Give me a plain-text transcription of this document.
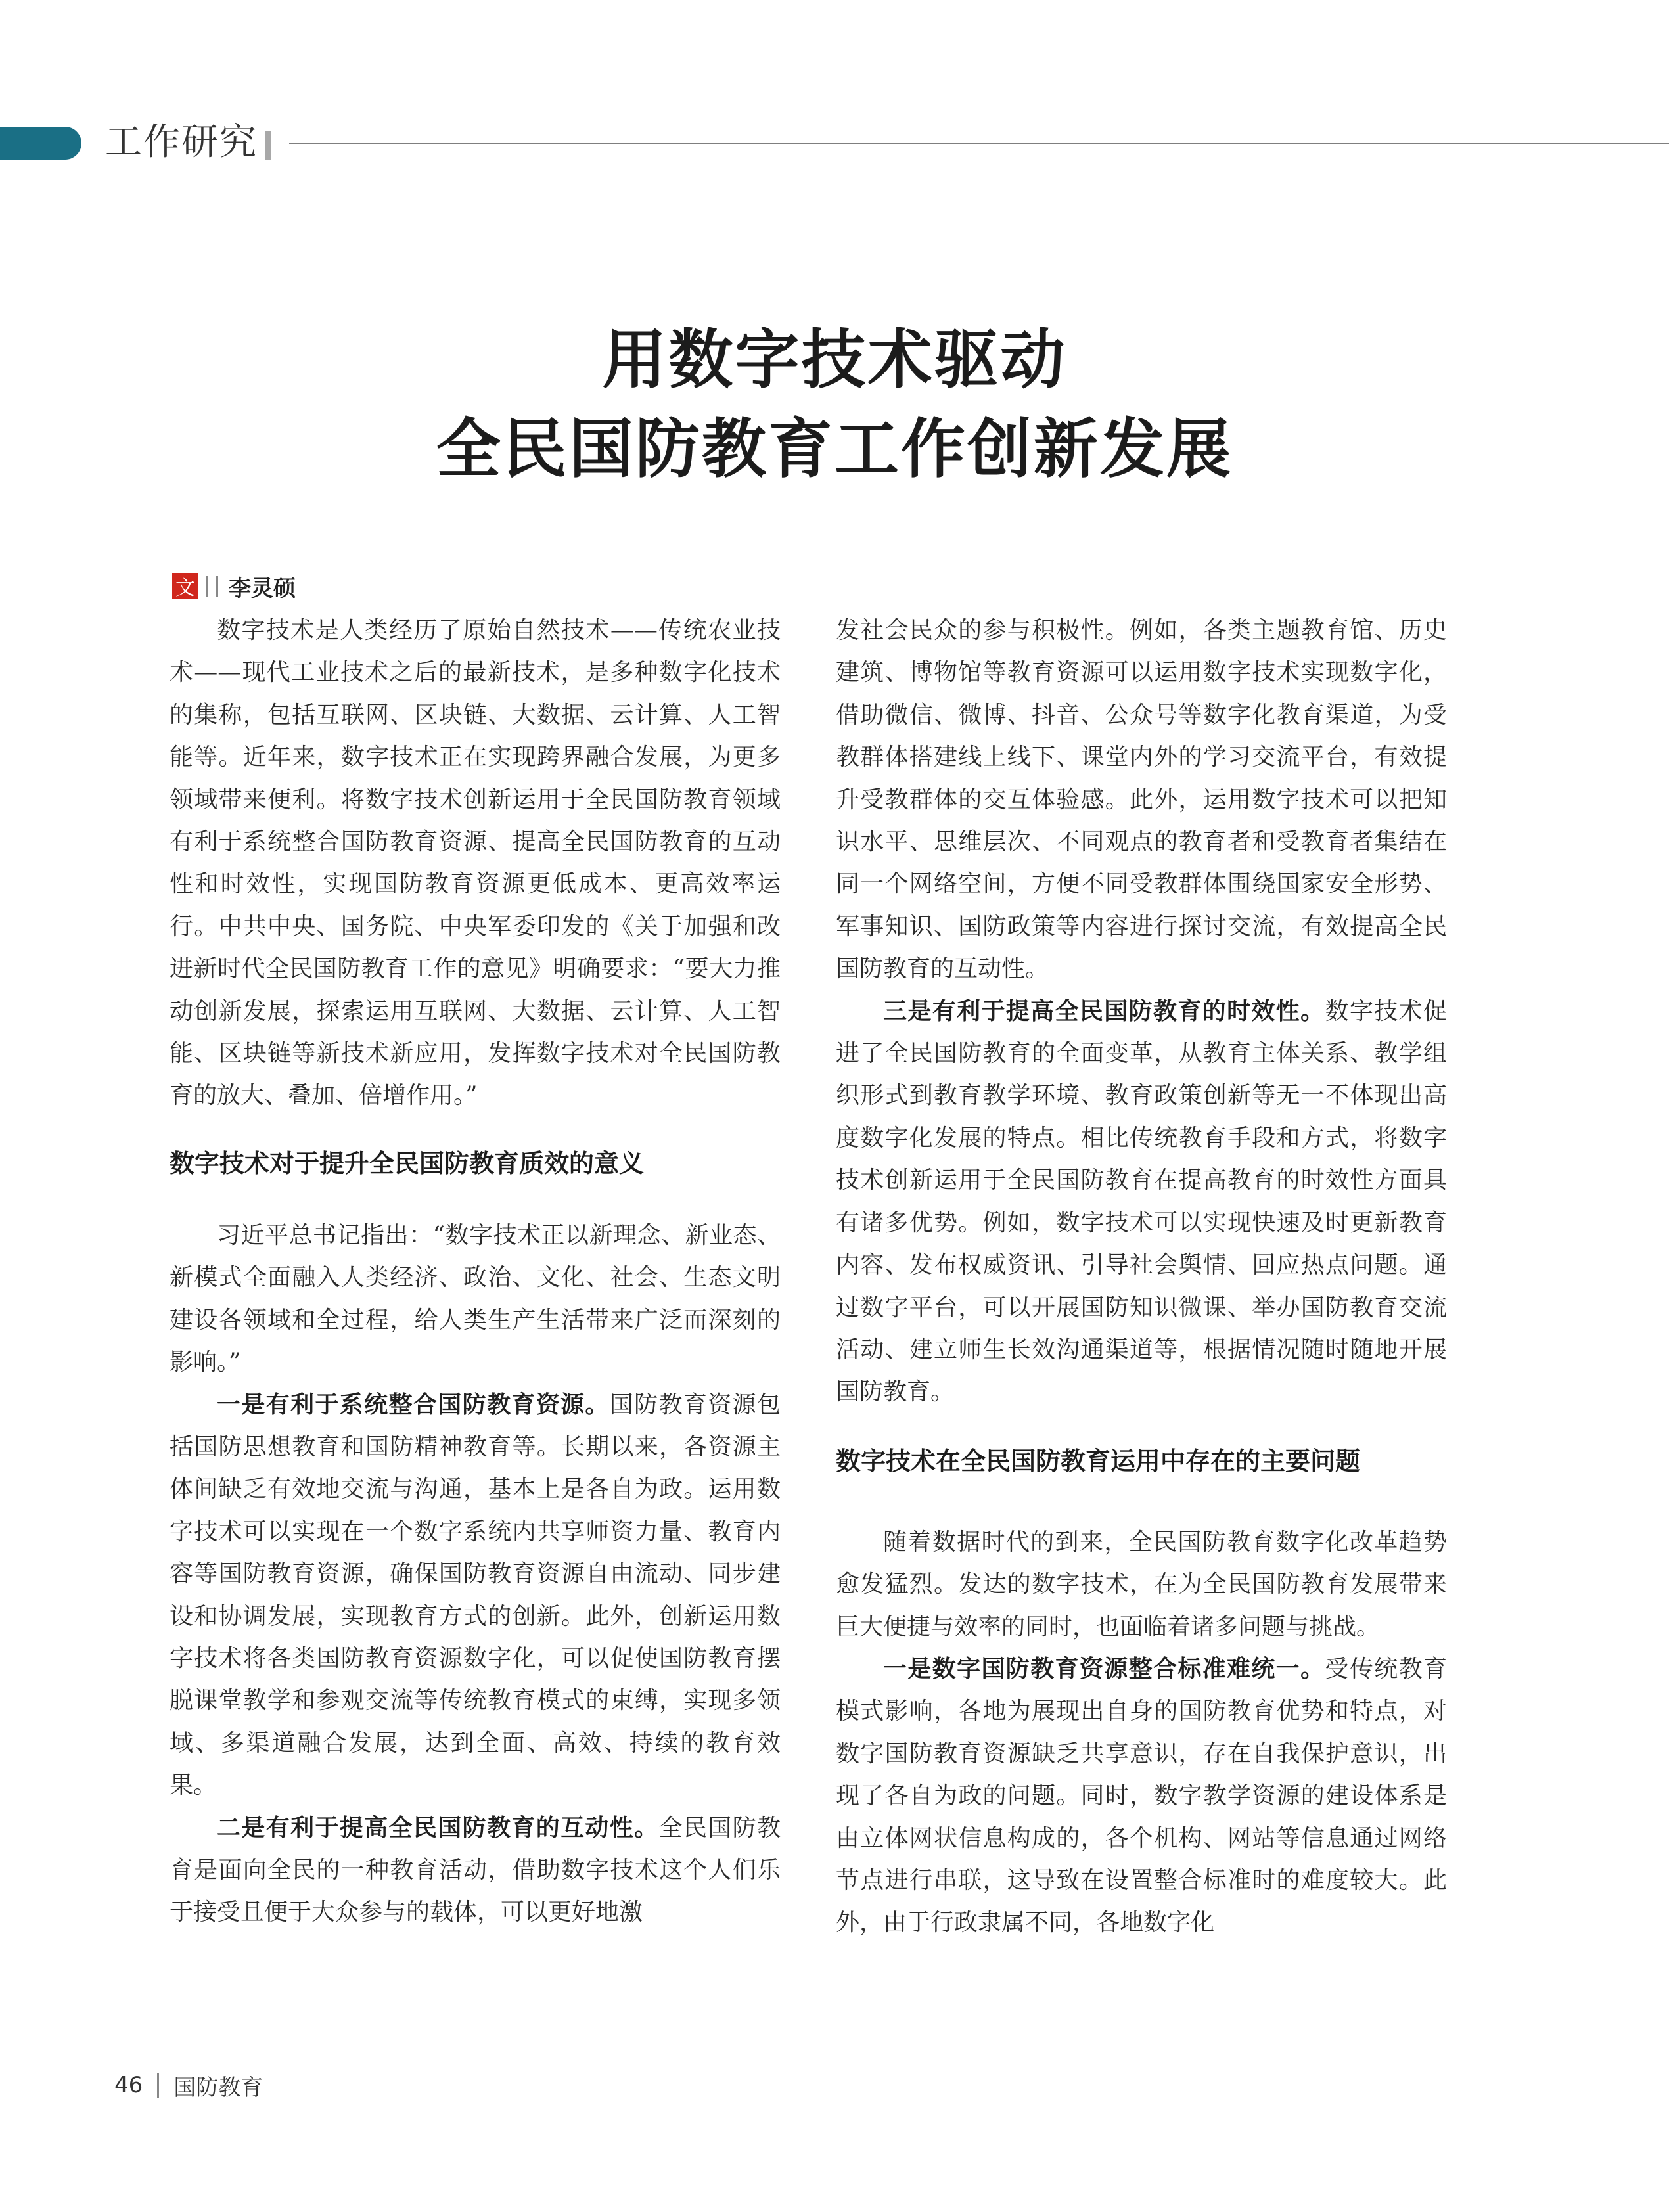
工作研究
用数字技术驱动
全民国防教育工作创新发展
文 李灵硕

数字技术是人类经历了原始自然技术——传统农业技术——现代工业技术之后的最新技术，是多种数字化技术的集称，包括互联网、区块链、大数据、云计算、人工智能等。近年来，数字技术正在实现跨界融合发展，为更多领域带来便利。将数字技术创新运用于全民国防教育领域有利于系统整合国防教育资源、提高全民国防教育的互动性和时效性，实现国防教育资源更低成本、更高效率运行。中共中央、国务院、中央军委印发的《关于加强和改进新时代全民国防教育工作的意见》明确要求：“要大力推动创新发展，探索运用互联网、大数据、云计算、人工智能、区块链等新技术新应用，发挥数字技术对全民国防教育的放大、叠加、倍增作用。”

数字技术对于提升全民国防教育质效的意义

习近平总书记指出：“数字技术正以新理念、新业态、新模式全面融入人类经济、政治、文化、社会、生态文明建设各领域和全过程，给人类生产生活带来广泛而深刻的影响。”

一是有利于系统整合国防教育资源。国防教育资源包括国防思想教育和国防精神教育等。长期以来，各资源主体间缺乏有效地交流与沟通，基本上是各自为政。运用数字技术可以实现在一个数字系统内共享师资力量、教育内容等国防教育资源，确保国防教育资源自由流动、同步建设和协调发展，实现教育方式的创新。此外，创新运用数字技术将各类国防教育资源数字化，可以促使国防教育摆脱课堂教学和参观交流等传统教育模式的束缚，实现多领域、多渠道融合发展，达到全面、高效、持续的教育效果。

二是有利于提高全民国防教育的互动性。全民国防教育是面向全民的一种教育活动，借助数字技术这个人们乐于接受且便于大众参与的载体，可以更好地激

发社会民众的参与积极性。例如，各类主题教育馆、历史建筑、博物馆等教育资源可以运用数字技术实现数字化，借助微信、微博、抖音、公众号等数字化教育渠道，为受教群体搭建线上线下、课堂内外的学习交流平台，有效提升受教群体的交互体验感。此外，运用数字技术可以把知识水平、思维层次、不同观点的教育者和受教育者集结在同一个网络空间，方便不同受教群体围绕国家安全形势、军事知识、国防政策等内容进行探讨交流，有效提高全民国防教育的互动性。

三是有利于提高全民国防教育的时效性。数字技术促进了全民国防教育的全面变革，从教育主体关系、教学组织形式到教育教学环境、教育政策创新等无一不体现出高度数字化发展的特点。相比传统教育手段和方式，将数字技术创新运用于全民国防教育在提高教育的时效性方面具有诸多优势。例如，数字技术可以实现快速及时更新教育内容、发布权威资讯、引导社会舆情、回应热点问题。通过数字平台，可以开展国防知识微课、举办国防教育交流活动、建立师生长效沟通渠道等，根据情况随时随地开展国防教育。

数字技术在全民国防教育运用中存在的主要问题

随着数据时代的到来，全民国防教育数字化改革趋势愈发猛烈。发达的数字技术，在为全民国防教育发展带来巨大便捷与效率的同时，也面临着诸多问题与挑战。

一是数字国防教育资源整合标准难统一。受传统教育模式影响，各地为展现出自身的国防教育优势和特点，对数字国防教育资源缺乏共享意识，存在自我保护意识，出现了各自为政的问题。同时，数字教学资源的建设体系是由立体网状信息构成的，各个机构、网站等信息通过网络节点进行串联，这导致在设置整合标准时的难度较大。此外，由于行政隶属不同，各地数字化

46 国防教育
